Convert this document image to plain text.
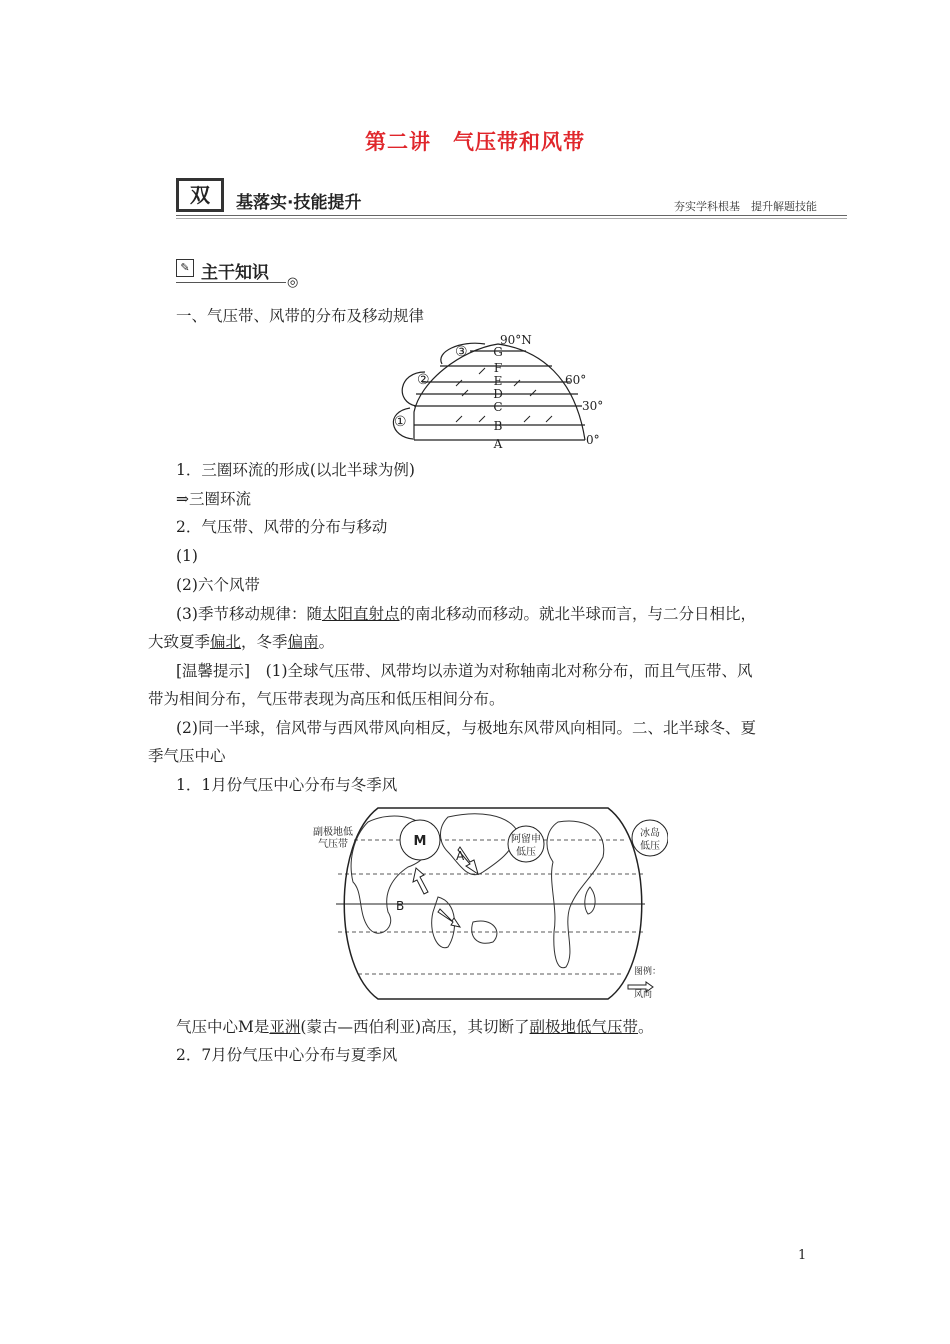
第二讲　气压带和风带
双	基落实·技能提升	夯实学科根基　提升解题技能
✎ 主干知识 ◎
一、气压带、风带的分布及移动规律
A
B
C
D
E
F
G
90°N
60°
30°
0°
①
②
③
1．三圈环流的形成(以北半球为例)
⇒三圈环流
2．气压带、风带的分布与移动
(1)
(2)六个风带
(3)季节移动规律：随太阳直射点的南北移动而移动。就北半球而言，与二分日相比，
大致夏季偏北，冬季偏南。
[温馨提示]　(1)全球气压带、风带均以赤道为对称轴南北对称分布，而且气压带、风
带为相间分布，气压带表现为高压和低压相间分布。
(2)同一半球，信风带与西风带风向相反，与极地东风带风向相同。二、北半球冬、夏
季气压中心
1．1月份气压中心分布与冬季风
副极地低
气压带	M
A
B
阿留申
低压
冰岛
低压
图例：
风向
气压中心M是亚洲(蒙古—西伯利亚)高压，其切断了副极地低气压带。
2．7月份气压中心分布与夏季风
1
